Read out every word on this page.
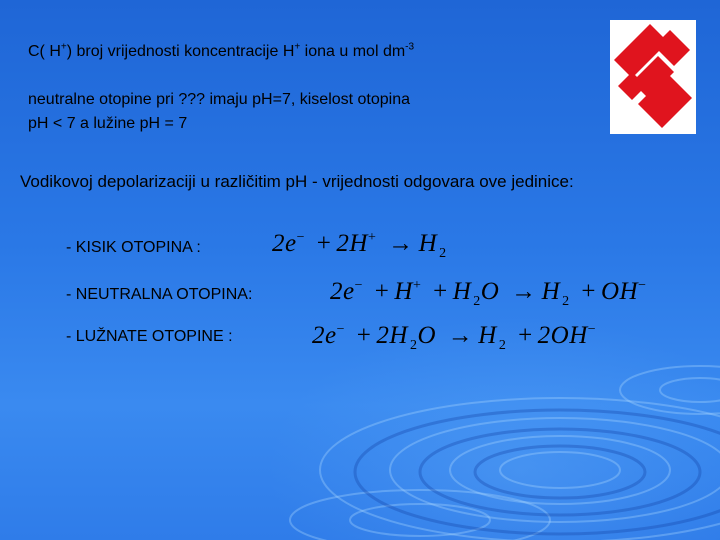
C( H+) broj vrijednosti koncentracije H+ iona u mol $dm^{-3}$
neutralne otopine pri ??? imaju pH=7, kiselost otopina
pH < 7 a lužine pH = 7
Vodikovoj depolarizaciji u različitim pH - vrijednosti odgovara ove jedinice:
- KISIK OTOPINA :	2e− + 2H+ → H $_2$
- NEUTRALNA OTOPINA:	2e− + H+ + H $_2$O → H $_2$ + OH−
- LUŽNATE OTOPINE :	2e− + 2H $_2$O → H $_2$ + 2OH−
